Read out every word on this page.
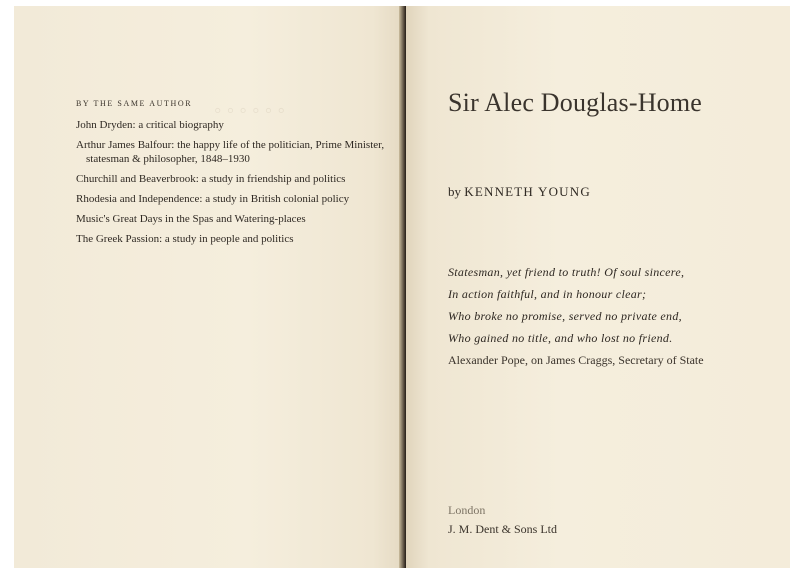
◦ ◦ ◦ ◦ ◦ ◦
BY THE SAME AUTHOR
John Dryden: a critical biography
Arthur James Balfour: the happy life of the politician, Prime Minister,
statesman & philosopher, 1848–1930
Churchill and Beaverbrook: a study in friendship and politics
Rhodesia and Independence: a study in British colonial policy
Music's Great Days in the Spas and Watering-places
The Greek Passion: a study in people and politics
Sir Alec Douglas-Home
by KENNETH YOUNG
Statesman, yet friend to truth! Of soul sincere,
In action faithful, and in honour clear;
Who broke no promise, served no private end,
Who gained no title, and who lost no friend.
Alexander Pope, on James Craggs, Secretary of State
London
J. M. Dent & Sons Ltd
